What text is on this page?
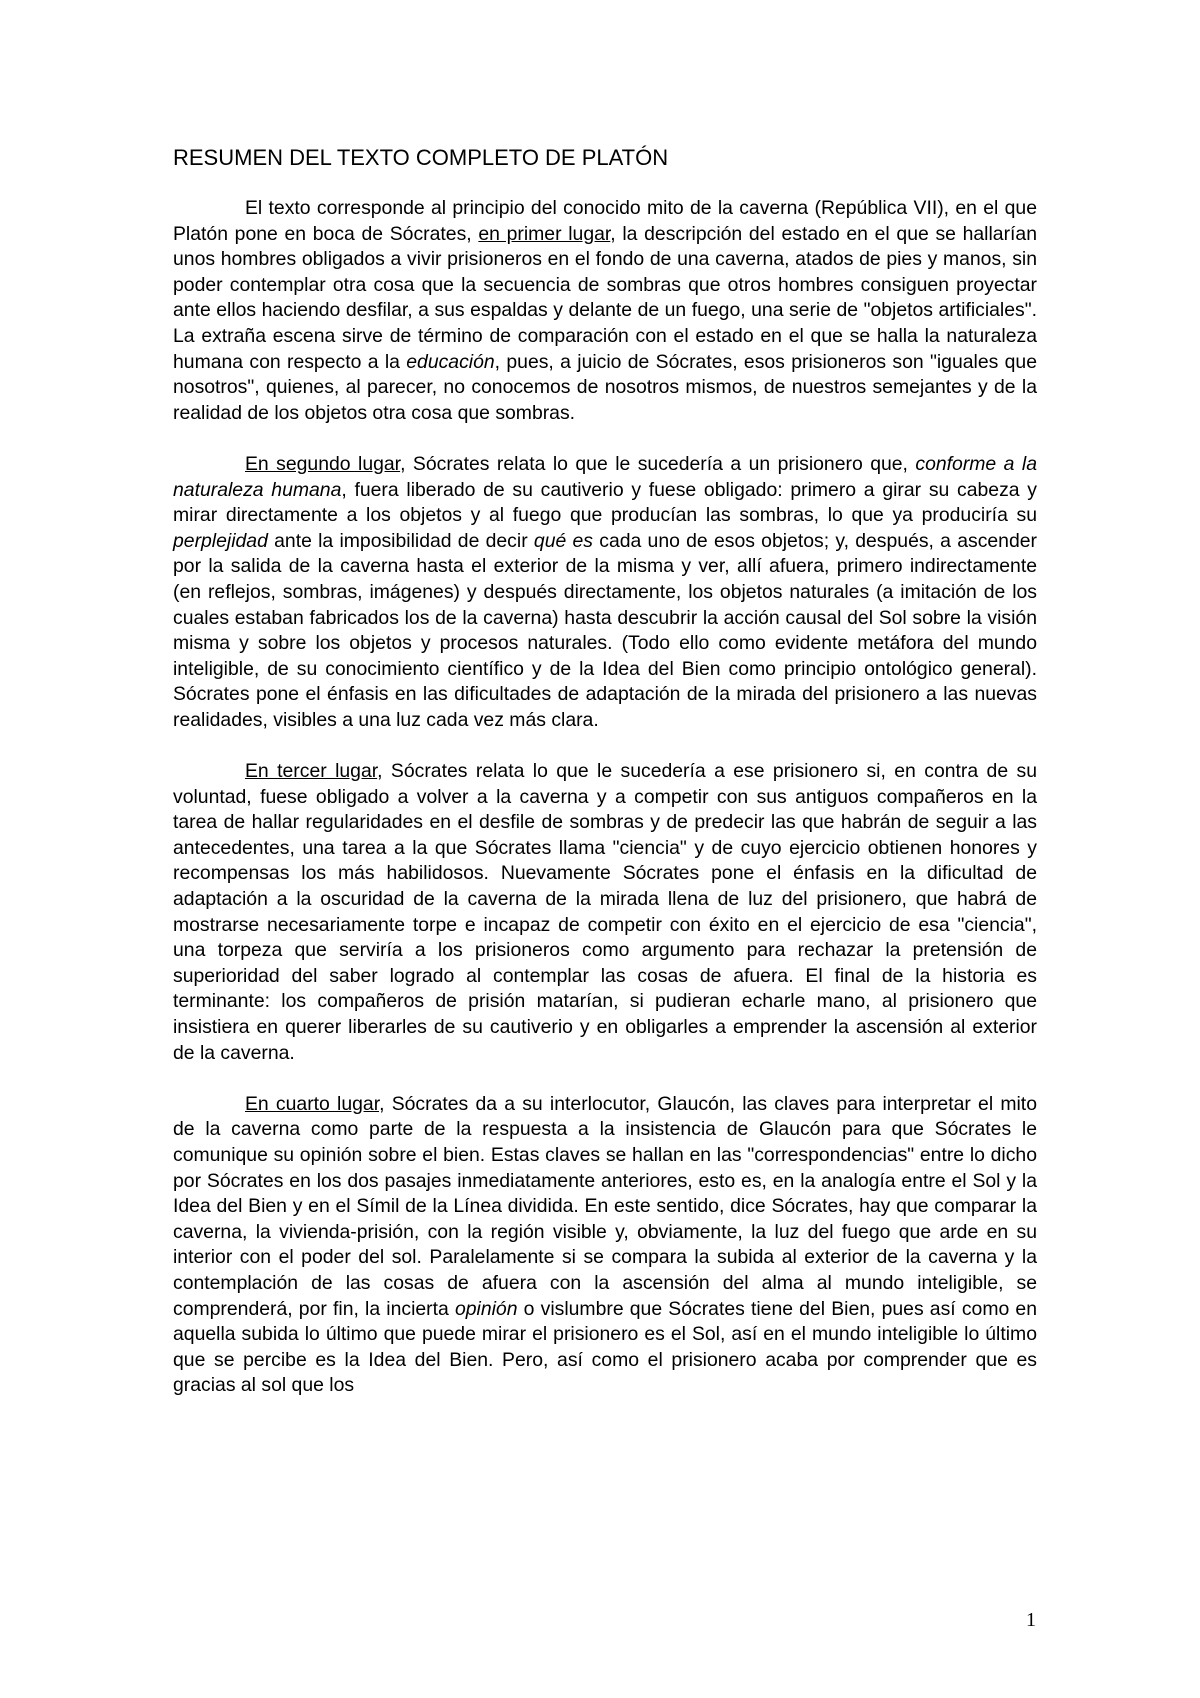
RESUMEN DEL TEXTO COMPLETO DE PLATÓN

El texto corresponde al principio del conocido mito de la caverna (República VII), en el que Platón pone en boca de Sócrates, en primer lugar, la descripción del estado en el que se hallarían unos hombres obligados a vivir prisioneros en el fondo de una caverna, atados de pies y manos, sin poder contemplar otra cosa que la secuencia de sombras que otros hombres consiguen proyectar ante ellos haciendo desfilar, a sus espaldas y delante de un fuego, una serie de "objetos artificiales". La extraña escena sirve de término de comparación con el estado en el que se halla la naturaleza humana con respecto a la educación, pues, a juicio de Sócrates, esos prisioneros son "iguales que nosotros", quienes, al parecer, no conocemos de nosotros mismos, de nuestros semejantes y de la realidad de los objetos otra cosa que sombras.

En segundo lugar, Sócrates relata lo que le sucedería a un prisionero que, conforme a la naturaleza humana, fuera liberado de su cautiverio y fuese obligado: primero a girar su cabeza y mirar directamente a los objetos y al fuego que producían las sombras, lo que ya produciría su perplejidad ante la imposibilidad de decir qué es cada uno de esos objetos; y, después, a ascender por la salida de la caverna hasta el exterior de la misma y ver, allí afuera, primero indirectamente (en reflejos, sombras, imágenes) y después directamente, los objetos naturales (a imitación de los cuales estaban fabricados los de la caverna) hasta descubrir la acción causal del Sol sobre la visión misma y sobre los objetos y procesos naturales. (Todo ello como evidente metáfora del mundo inteligible, de su conocimiento científico y de la Idea del Bien como principio ontológico general). Sócrates pone el énfasis en las dificultades de adaptación de la mirada del prisionero a las nuevas realidades, visibles a una luz cada vez más clara.

En tercer lugar, Sócrates relata lo que le sucedería a ese prisionero si, en contra de su voluntad, fuese obligado a volver a la caverna y a competir con sus antiguos compañeros en la tarea de hallar regularidades en el desfile de sombras y de predecir las que habrán de seguir a las antecedentes, una tarea a la que Sócrates llama "ciencia" y de cuyo ejercicio obtienen honores y recompensas los más habilidosos. Nuevamente Sócrates pone el énfasis en la dificultad de adaptación a la oscuridad de la caverna de la mirada llena de luz del prisionero, que habrá de mostrarse necesariamente torpe e incapaz de competir con éxito en el ejercicio de esa "ciencia", una torpeza que serviría a los prisioneros como argumento para rechazar la pretensión de superioridad del saber logrado al contemplar las cosas de afuera. El final de la historia es terminante: los compañeros de prisión matarían, si pudieran echarle mano, al prisionero que insistiera en querer liberarles de su cautiverio y en obligarles a emprender la ascensión al exterior de la caverna.

En cuarto lugar, Sócrates da a su interlocutor, Glaucón, las claves para interpretar el mito de la caverna como parte de la respuesta a la insistencia de Glaucón para que Sócrates le comunique su opinión sobre el bien. Estas claves se hallan en las "correspondencias" entre lo dicho por Sócrates en los dos pasajes inmediatamente anteriores, esto es, en la analogía entre el Sol y la Idea del Bien y en el Símil de la Línea dividida. En este sentido, dice Sócrates, hay que comparar la caverna, la vivienda-prisión, con la región visible y, obviamente, la luz del fuego que arde en su interior con el poder del sol. Paralelamente si se compara la subida al exterior de la caverna y la contemplación de las cosas de afuera con la ascensión del alma al mundo inteligible, se comprenderá, por fin, la incierta opinión o vislumbre que Sócrates tiene del Bien, pues así como en aquella subida lo último que puede mirar el prisionero es el Sol, así en el mundo inteligible lo último que se percibe es la Idea del Bien. Pero, así como el prisionero acaba por comprender que es gracias al sol que los

1
